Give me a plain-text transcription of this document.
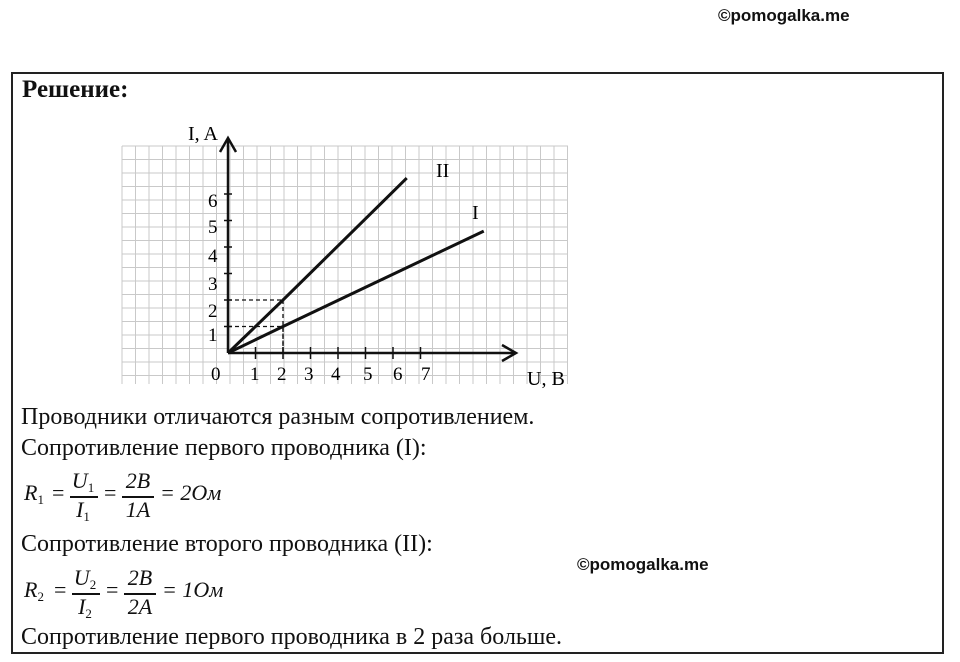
©pomogalka.me
Решение:
I
II
0 1 2 3 4 5 6 7
1
2
3
4
5
6
I, A
U, B
Проводники отличаются разным сопротивлением.
Сопротивление первого проводника (I):
R1 = U1
I1
= 2B
1A
= 2Ом
Сопротивление второго проводника (II):
©pomogalka.me
R2 = U2
I2
= 2B
2A
= 1Ом
Сопротивление первого проводника в 2 раза больше.
